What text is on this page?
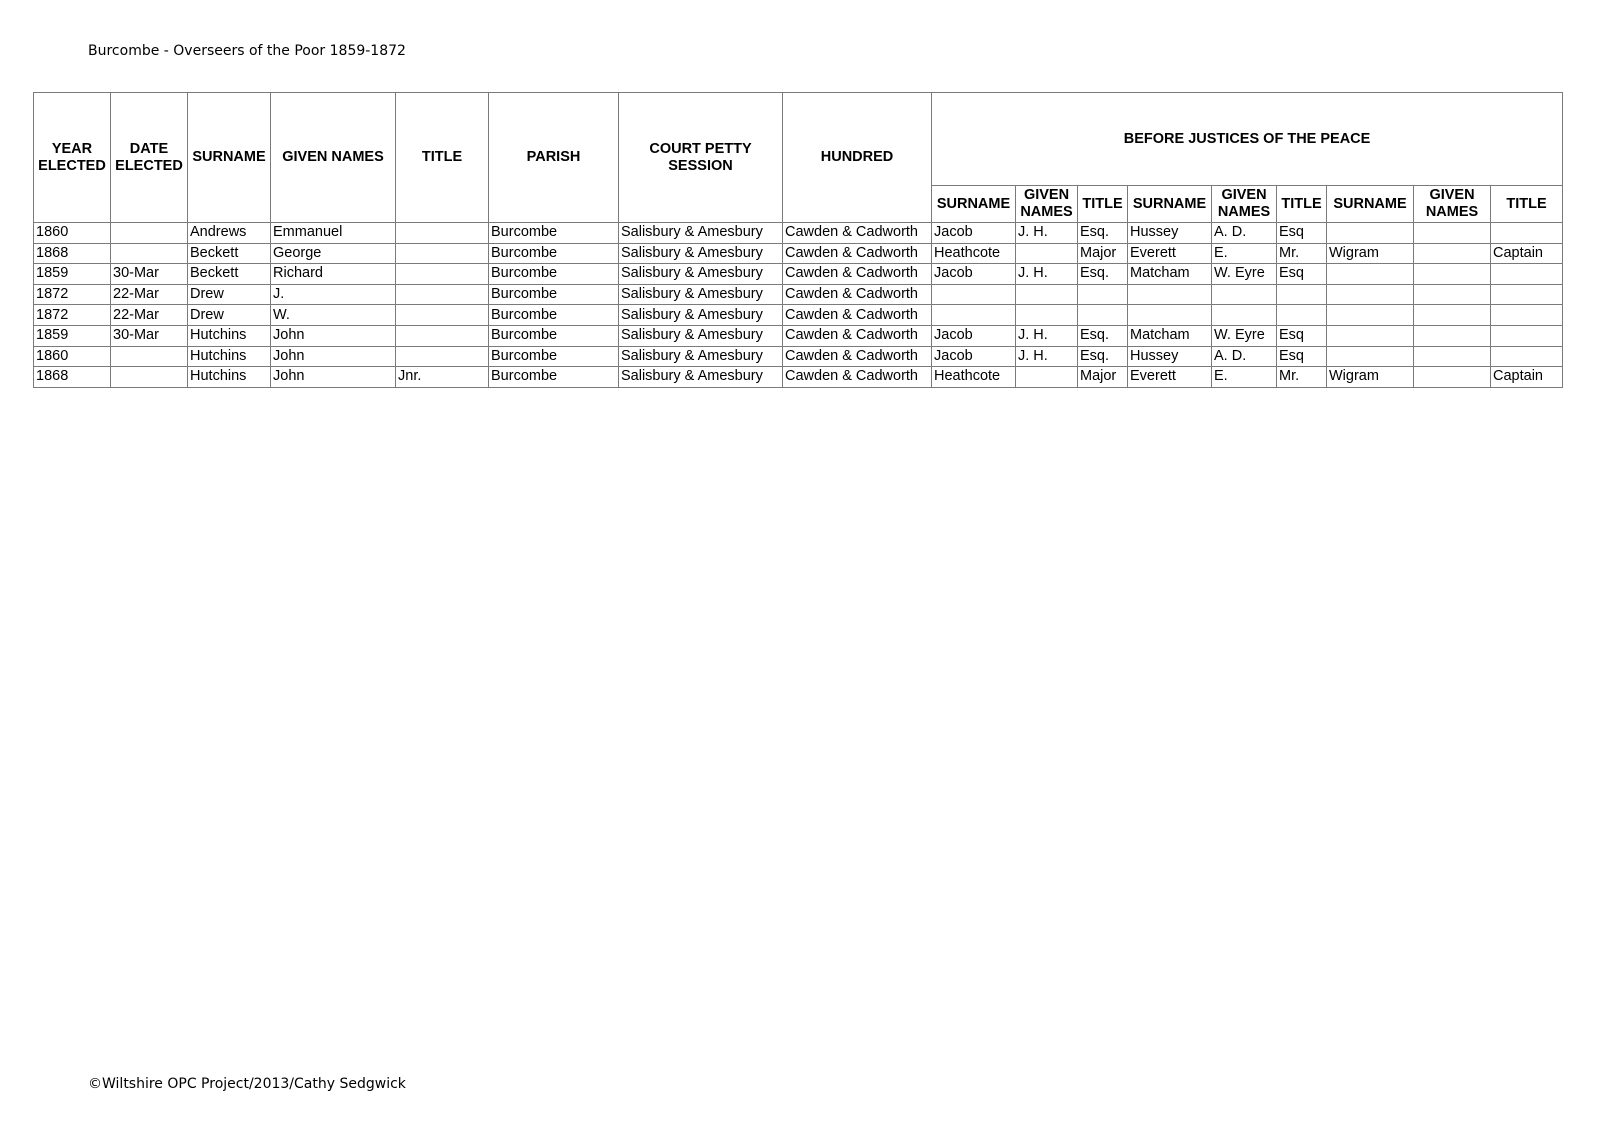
Burcombe - Overseers of the Poor 1859-1872
YEAR ELECTED	DATE ELECTED	SURNAME	GIVEN NAMES	TITLE	PARISH	COURT PETTY SESSION	HUNDRED	BEFORE JUSTICES OF THE PEACE								
								SURNAME	GIVEN NAMES	TITLE	SURNAME	GIVEN NAMES	TITLE	SURNAME	GIVEN NAMES	TITLE
1860		Andrews	Emmanuel		Burcombe	Salisbury & Amesbury	Cawden & Cadworth	Jacob	J. H.	Esq.	Hussey	A. D.	Esq			
1868		Beckett	George		Burcombe	Salisbury & Amesbury	Cawden & Cadworth	Heathcote		Major	Everett	E.	Mr.	Wigram		Captain
1859	30-Mar	Beckett	Richard		Burcombe	Salisbury & Amesbury	Cawden & Cadworth	Jacob	J. H.	Esq.	Matcham	W. Eyre	Esq			
1872	22-Mar	Drew	J.		Burcombe	Salisbury & Amesbury	Cawden & Cadworth									
1872	22-Mar	Drew	W.		Burcombe	Salisbury & Amesbury	Cawden & Cadworth									
1859	30-Mar	Hutchins	John		Burcombe	Salisbury & Amesbury	Cawden & Cadworth	Jacob	J. H.	Esq.	Matcham	W. Eyre	Esq			
1860		Hutchins	John		Burcombe	Salisbury & Amesbury	Cawden & Cadworth	Jacob	J. H.	Esq.	Hussey	A. D.	Esq			
1868		Hutchins	John	Jnr.	Burcombe	Salisbury & Amesbury	Cawden & Cadworth	Heathcote		Major	Everett	E.	Mr.	Wigram		Captain
©Wiltshire OPC Project/2013/Cathy Sedgwick
